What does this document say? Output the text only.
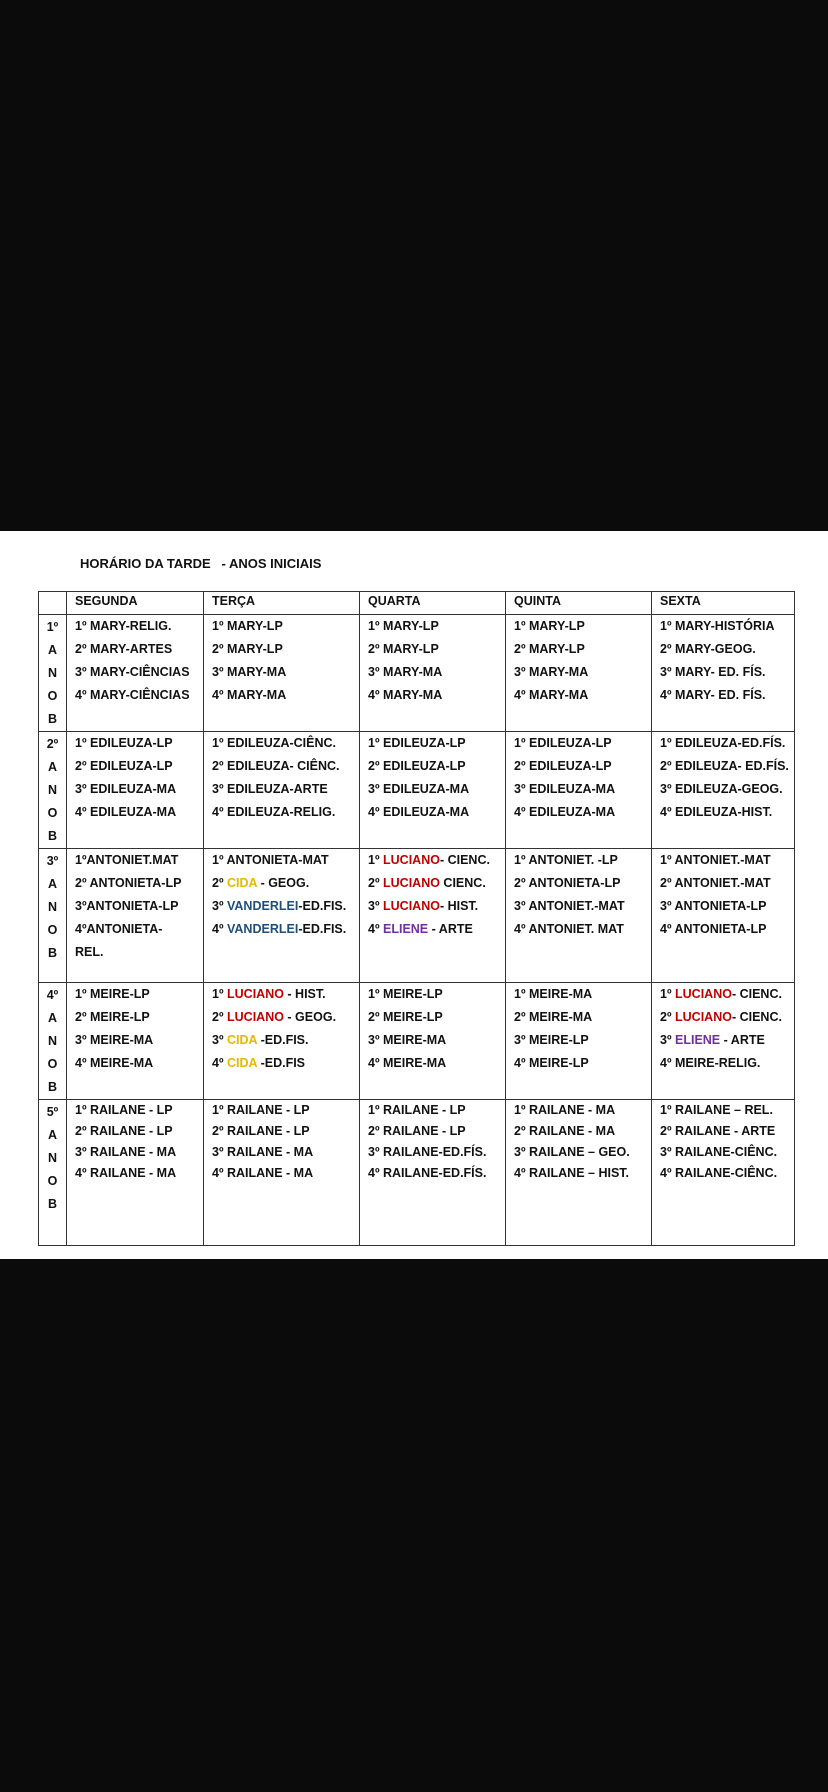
HORÁRIO DA TARDE   - ANOS INICIAIS
	SEGUNDA	TERÇA	QUARTA	QUINTA	SEXTA

1º
A
N
O
B	1º MARY-RELIG.
2º MARY-ARTES
3º MARY-CIÊNCIAS
4º MARY-CIÊNCIAS	1º MARY-LP
2º MARY-LP
3º MARY-MA
4º MARY-MA	1º MARY-LP
2º MARY-LP
3º MARY-MA
4º MARY-MA	1º MARY-LP
2º MARY-LP
3º MARY-MA
4º MARY-MA	1º MARY-HISTÓRIA
2º MARY-GEOG.
3º MARY- ED. FÍS.
4º MARY- ED. FÍS.

2º
A
N
O
B	1º EDILEUZA-LP
2º EDILEUZA-LP
3º EDILEUZA-MA
4º EDILEUZA-MA	1º EDILEUZA-CIÊNC.
2º EDILEUZA- CIÊNC.
3º EDILEUZA-ARTE
4º EDILEUZA-RELIG.	1º EDILEUZA-LP
2º EDILEUZA-LP
3º EDILEUZA-MA
4º EDILEUZA-MA	1º EDILEUZA-LP
2º EDILEUZA-LP
3º EDILEUZA-MA
4º EDILEUZA-MA	1º EDILEUZA-ED.FÍS.
2º EDILEUZA- ED.FÍS.
3º EDILEUZA-GEOG.
4º EDILEUZA-HIST.

3º
A
N
O
B	1ºANTONIET.MAT
2º ANTONIETA-LP
3ºANTONIETA-LP
4ºANTONIETA-
REL.	1º ANTONIETA-MAT
2º CIDA - GEOG.
3º VANDERLEI-ED.FIS.
4º VANDERLEI-ED.FIS.	1º LUCIANO- CIENC.
2º LUCIANO CIENC.
3º LUCIANO- HIST.
4º ELIENE - ARTE	1º ANTONIET. -LP
2º ANTONIETA-LP
3º ANTONIET.-MAT
4º ANTONIET. MAT	1º ANTONIET.-MAT
2º ANTONIET.-MAT
3º ANTONIETA-LP
4º ANTONIETA-LP

4º
A
N
O
B	1º MEIRE-LP
2º MEIRE-LP
3º MEIRE-MA
4º MEIRE-MA	1º LUCIANO - HIST.
2º LUCIANO - GEOG.
3º CIDA -ED.FIS.
4º CIDA -ED.FIS	1º MEIRE-LP
2º MEIRE-LP
3º MEIRE-MA
4º MEIRE-MA	1º MEIRE-MA
2º MEIRE-MA
3º MEIRE-LP
4º MEIRE-LP	1º LUCIANO- CIENC.
2º LUCIANO- CIENC.
3º ELIENE - ARTE
4º MEIRE-RELIG.

5º
A
N
O
B	1º RAILANE - LP
2º RAILANE - LP
3º RAILANE - MA
4º RAILANE - MA	1º RAILANE - LP
2º RAILANE - LP
3º RAILANE - MA
4º RAILANE - MA	1º RAILANE - LP
2º RAILANE - LP
3º RAILANE-ED.FÍS.
4º RAILANE-ED.FÍS.	1º RAILANE - MA
2º RAILANE - MA
3º RAILANE – GEO.
4º RAILANE – HIST.	1º RAILANE – REL.
2º RAILANE - ARTE
3º RAILANE-CIÊNC.
4º RAILANE-CIÊNC.
